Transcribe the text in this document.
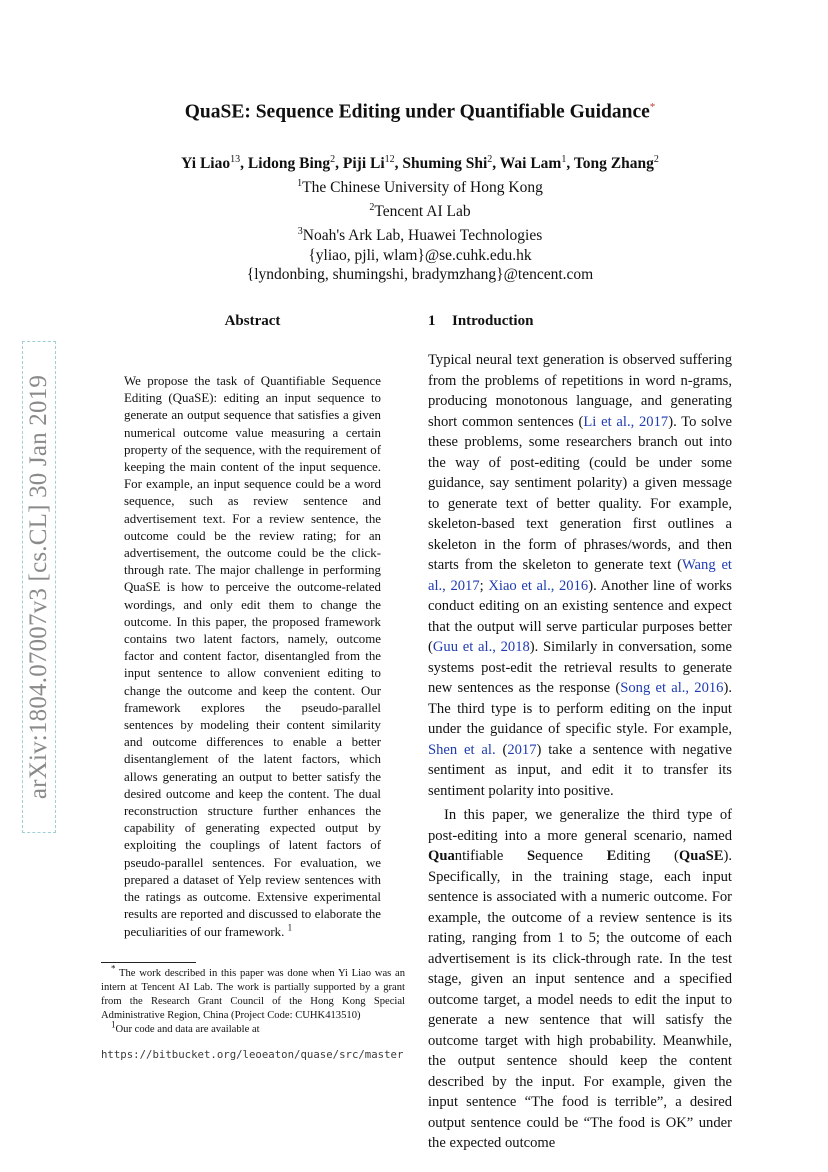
arXiv:1804.07007v3 [cs.CL] 30 Jan 2019
QuaSE: Sequence Editing under Quantifiable Guidance*
Yi Liao$^{13}$, Lidong Bing$^2$, Piji Li$^{12}$, Shuming Shi$^2$, Wai Lam$^1$, Tong Zhang$^2$
$^1$The Chinese University of Hong Kong
$^2$Tencent AI Lab
$^3$Noah's Ark Lab, Huawei Technologies
{yliao, pjli, wlam}@se.cuhk.edu.hk
{lyndonbing, shumingshi, bradymzhang}@tencent.com
Abstract

We propose the task of Quantifiable Sequence Editing (QuaSE): editing an input sequence to generate an output sequence that satisfies a given numerical outcome value measuring a certain property of the sequence, with the requirement of keeping the main content of the input sequence. For example, an input sequence could be a word sequence, such as review sentence and advertisement text. For a review sentence, the outcome could be the review rating; for an advertisement, the outcome could be the click-through rate. The major challenge in performing QuaSE is how to perceive the outcome-related wordings, and only edit them to change the outcome. In this paper, the proposed framework contains two latent factors, namely, outcome factor and content factor, disentangled from the input sentence to allow convenient editing to change the outcome and keep the content. Our framework explores the pseudo-parallel sentences by modeling their content similarity and outcome differences to enable a better disentanglement of the latent factors, which allows generating an output to better satisfy the desired outcome and keep the content. The dual reconstruction structure further enhances the capability of generating expected output by exploiting the couplings of latent factors of pseudo-parallel sentences. For evaluation, we prepared a dataset of Yelp review sentences with the ratings as outcome. Extensive experimental results are reported and discussed to elaborate the peculiarities of our framework. $^1$

1 Introduction

Typical neural text generation is observed suffering from the problems of repetitions in word n-grams, producing monotonous language, and generating short common sentences (Li et al., 2017). To solve these problems, some researchers branch out into the way of post-editing (could be under some guidance, say sentiment polarity) a given message to generate text of better quality. For example, skeleton-based text generation first outlines a skeleton in the form of phrases/words, and then starts from the skeleton to generate text (Wang et al., 2017; Xiao et al., 2016). Another line of works conduct editing on an existing sentence and expect that the output will serve particular purposes better (Guu et al., 2018). Similarly in conversation, some systems post-edit the retrieval results to generate new sentences as the response (Song et al., 2016). The third type is to perform editing on the input under the guidance of specific style. For example, Shen et al. (2017) take a sentence with negative sentiment as input, and edit it to transfer its sentiment polarity into positive.

In this paper, we generalize the third type of post-editing into a more general scenario, named Quantifiable Sequence Editing (QuaSE). Specifically, in the training stage, each input sentence is associated with a numeric outcome. For example, the outcome of a review sentence is its rating, ranging from 1 to 5; the outcome of each advertisement is its click-through rate. In the test stage, given an input sentence and a specified outcome target, a model needs to edit the input to generate a new sentence that will satisfy the outcome target with high probability. Meanwhile, the output sentence should keep the content described by the input. For example, given the input sentence “The food is terrible”, a desired output sentence could be “The food is OK” under the expected outcome

* The work described in this paper was done when Yi Liao was an intern at Tencent AI Lab. The work is partially supported by a grant from the Research Grant Council of the Hong Kong Special Administrative Region, China (Project Code: CUHK413510)

$^1$Our code and data are available at

https://bitbucket.org/leoeaton/quase/src/master
